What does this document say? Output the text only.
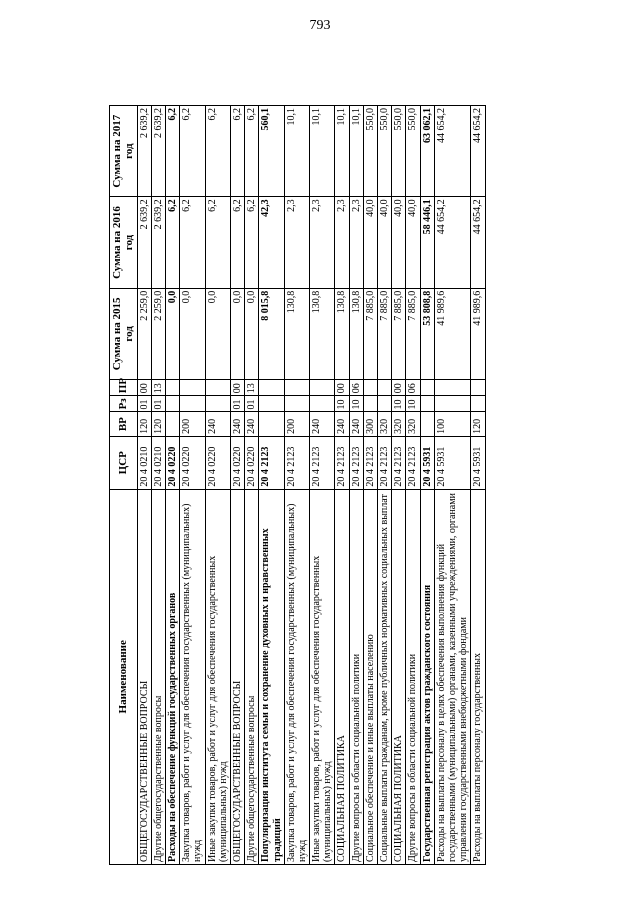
793
Наименование	ЦСР	ВР	Рз	ПР	Сумма на 2015 год	Сумма на 2016 год	Сумма на 2017 год
ОБЩЕГОСУДАРСТВЕННЫЕ ВОПРОСЫ	20 4 0210	120	01	00	2 259,0	2 639,2	2 639,2
Другие общегосударственные вопросы	20 4 0210	120	01	13	2 259,0	2 639,2	2 639,2
Расходы на обеспечение функций государственных органов	20 4 0220				0,0	6,2	6,2
Закупка товаров, работ и услуг для обеспечения государственных (муниципальных) нужд	20 4 0220	200			0,0	6,2	6,2
Иные закупки товаров, работ и услуг для обеспечения государственных (муниципальных) нужд	20 4 0220	240			0,0	6,2	6,2
ОБЩЕГОСУДАРСТВЕННЫЕ ВОПРОСЫ	20 4 0220	240	01	00	0,0	6,2	6,2
Другие общегосударственные вопросы	20 4 0220	240	01	13	0,0	6,2	6,2
Популяризация института семьи и сохранение духовных и нравственных традиций	20 4 2123				8 015,8	42,3	560,1
Закупка товаров, работ и услуг для обеспечения государственных (муниципальных) нужд	20 4 2123	200			130,8	2,3	10,1
Иные закупки товаров, работ и услуг для обеспечения государственных (муниципальных) нужд	20 4 2123	240			130,8	2,3	10,1
СОЦИАЛЬНАЯ ПОЛИТИКА	20 4 2123	240	10	00	130,8	2,3	10,1
Другие вопросы в области социальной политики	20 4 2123	240	10	06	130,8	2,3	10,1
Социальное обеспечение и иные выплаты населению	20 4 2123	300			7 885,0	40,0	550,0
Социальные выплаты гражданам, кроме публичных нормативных социальных выплат	20 4 2123	320			7 885,0	40,0	550,0
СОЦИАЛЬНАЯ ПОЛИТИКА	20 4 2123	320	10	00	7 885,0	40,0	550,0
Другие вопросы в области социальной политики	20 4 2123	320	10	06	7 885,0	40,0	550,0
Государственная регистрация актов гражданского состояния	20 4 5931				53 808,8	58 446,1	63 062,1
Расходы на выплаты персоналу в целях обеспечения выполнения функций государственными (муниципальными) органами, казенными учреждениями, органами управления государственными внебюджетными фондами	20 4 5931	100			41 989,6	44 654,2	44 654,2
Расходы на выплаты персоналу государственных	20 4 5931	120			41 989,6	44 654,2	44 654,2
